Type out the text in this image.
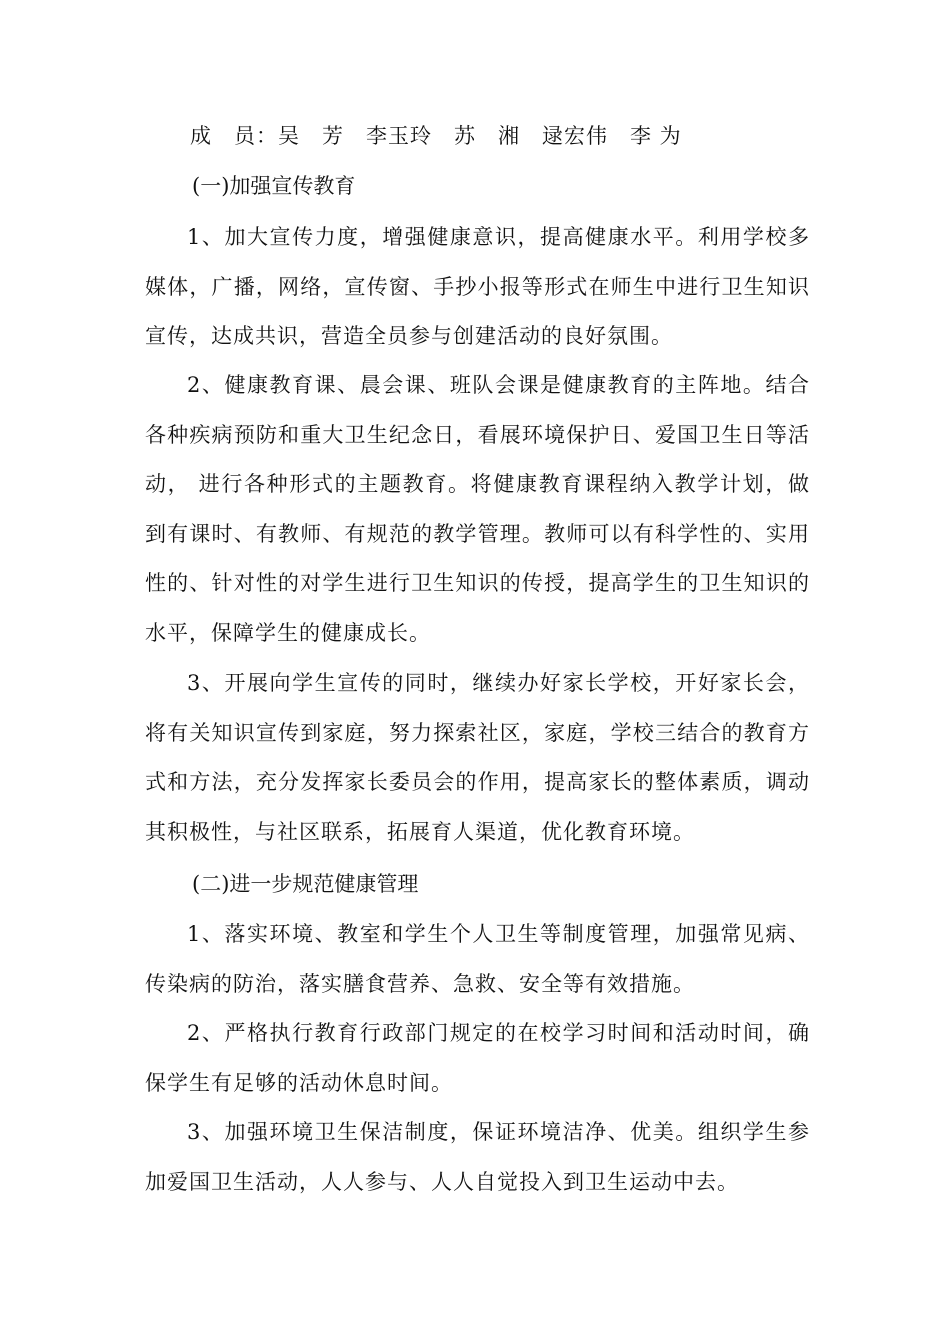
成　员：吴　芳　李玉玲　苏　湘　逯宏伟　李 为
(一)加强宣传教育

1、加大宣传力度，增强健康意识，提高健康水平。利用学校多媒体，广播，网络，宣传窗、手抄小报等形式在师生中进行卫生知识宣传，达成共识，营造全员参与创建活动的良好氛围。

2、健康教育课、晨会课、班队会课是健康教育的主阵地。结合各种疾病预防和重大卫生纪念日，看展环境保护日、爱国卫生日等活动， 进行各种形式的主题教育。将健康教育课程纳入教学计划，做到有课时、有教师、有规范的教学管理。教师可以有科学性的、实用性的、针对性的对学生进行卫生知识的传授，提高学生的卫生知识的水平，保障学生的健康成长。

3、开展向学生宣传的同时，继续办好家长学校，开好家长会，将有关知识宣传到家庭，努力探索社区，家庭，学校三结合的教育方式和方法，充分发挥家长委员会的作用，提高家长的整体素质，调动其积极性，与社区联系，拓展育人渠道，优化教育环境。

(二)进一步规范健康管理

1、落实环境、教室和学生个人卫生等制度管理，加强常见病、传染病的防治，落实膳食营养、急救、安全等有效措施。

2、严格执行教育行政部门规定的在校学习时间和活动时间，确保学生有足够的活动休息时间。

3、加强环境卫生保洁制度，保证环境洁净、优美。组织学生参加爱国卫生活动，人人参与、人人自觉投入到卫生运动中去。
